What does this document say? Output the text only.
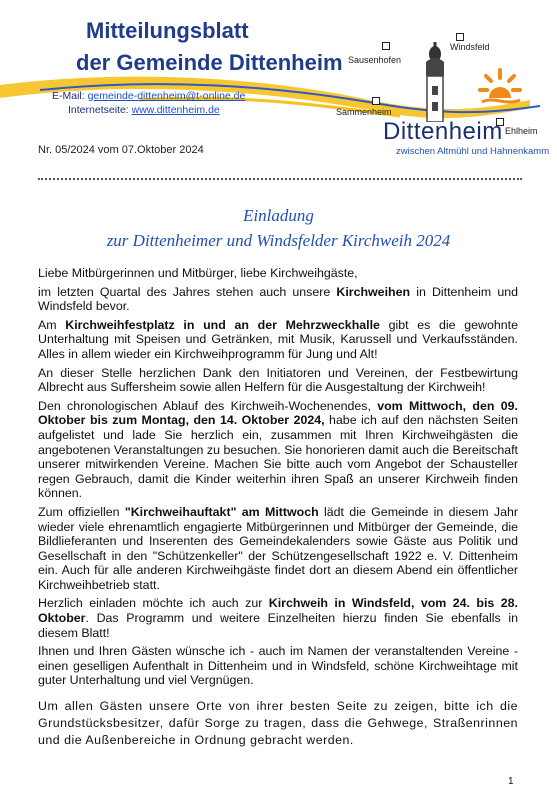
Mitteilungsblatt
der Gemeinde Dittenheim
E-Mail: gemeinde-dittenheim@t-online.de
Internetseite: www.dittenheim.de
Nr. 05/2024 vom 07.Oktober 2024
Windsfeld
Sausenhofen
Sammenheim
Ehlheim
Dittenheim
zwischen Altmühl und Hahnenkamm
Einladung
zur Dittenheimer und Windsfelder Kirchweih 2024

Liebe Mitbürgerinnen und Mitbürger, liebe Kirchweihgäste,

im letzten Quartal des Jahres stehen auch unsere Kirchweihen in Dittenheim und Windsfeld bevor.

Am Kirchweihfestplatz in und an der Mehrzweckhalle gibt es die gewohnte Unterhaltung mit Speisen und Getränken, mit Musik, Karussell und Verkaufsständen. Alles in allem wieder ein Kirchweihprogramm für Jung und Alt!

An dieser Stelle herzlichen Dank den Initiatoren und Vereinen, der Festbewirtung Albrecht aus Suffersheim sowie allen Helfern für die Ausgestaltung der Kirchweih!

Den chronologischen Ablauf des Kirchweih-Wochenendes, vom Mittwoch, den 09. Oktober bis zum Montag, den 14. Oktober 2024, habe ich auf den nächsten Seiten aufgelistet und lade Sie herzlich ein, zusammen mit Ihren Kirchweihgästen die angebotenen Veranstaltungen zu besuchen. Sie honorieren damit auch die Bereitschaft unserer mitwirkenden Vereine. Machen Sie bitte auch vom Angebot der Schausteller regen Gebrauch, damit die Kinder weiterhin ihren Spaß an unserer Kirchweih finden können.

Zum offiziellen "Kirchweihauftakt" am Mittwoch lädt die Gemeinde in diesem Jahr wieder viele ehrenamtlich engagierte Mitbürgerinnen und Mitbürger der Gemeinde, die Bildlieferanten und Inserenten des Gemeindekalenders sowie Gäste aus Politik und Gesellschaft in den "Schützenkeller" der Schützengesellschaft 1922 e. V. Dittenheim ein. Auch für alle anderen Kirchweihgäste findet dort an diesem Abend ein öffentlicher Kirchweihbetrieb statt.

Herzlich einladen möchte ich auch zur Kirchweih in Windsfeld, vom 24. bis 28. Oktober. Das Programm und weitere Einzelheiten hierzu finden Sie ebenfalls in diesem Blatt!

Ihnen und Ihren Gästen wünsche ich - auch im Namen der veranstaltenden Vereine - einen geselligen Aufenthalt in Dittenheim und in Windsfeld, schöne Kirchweihtage mit guter Unterhaltung und viel Vergnügen.

Um allen Gästen unsere Orte von ihrer besten Seite zu zeigen, bitte ich die Grundstücksbesitzer, dafür Sorge zu tragen, dass die Gehwege, Straßenrinnen und die Außenbereiche in Ordnung gebracht werden.

1
